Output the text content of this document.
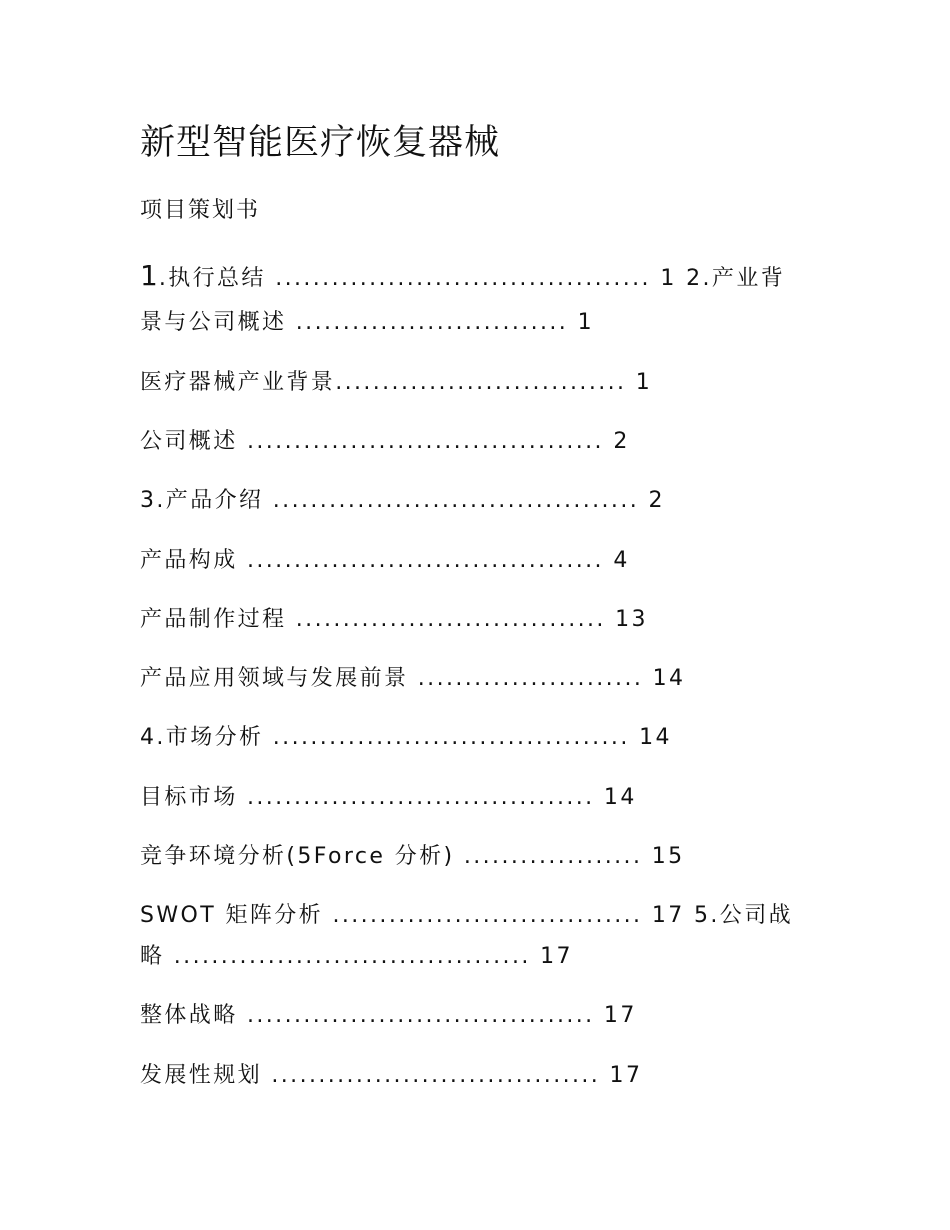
新型智能医疗恢复器械
项目策划书
1.执行总结 ........................................ 1 2.产业背
景与公司概述 ............................. 1
医疗器械产业背景............................... 1
公司概述 ...................................... 2
3.产品介绍 ....................................... 2
产品构成 ...................................... 4
产品制作过程 ................................. 13
产品应用领域与发展前景 ........................ 14
4.市场分析 ...................................... 14
目标市场 ..................................... 14
竞争环境分析(5Force 分析) ................... 15
SWOT 矩阵分析 ................................. 17 5.公司战
略 ...................................... 17
整体战略 ..................................... 17
发展性规划 ................................... 17
